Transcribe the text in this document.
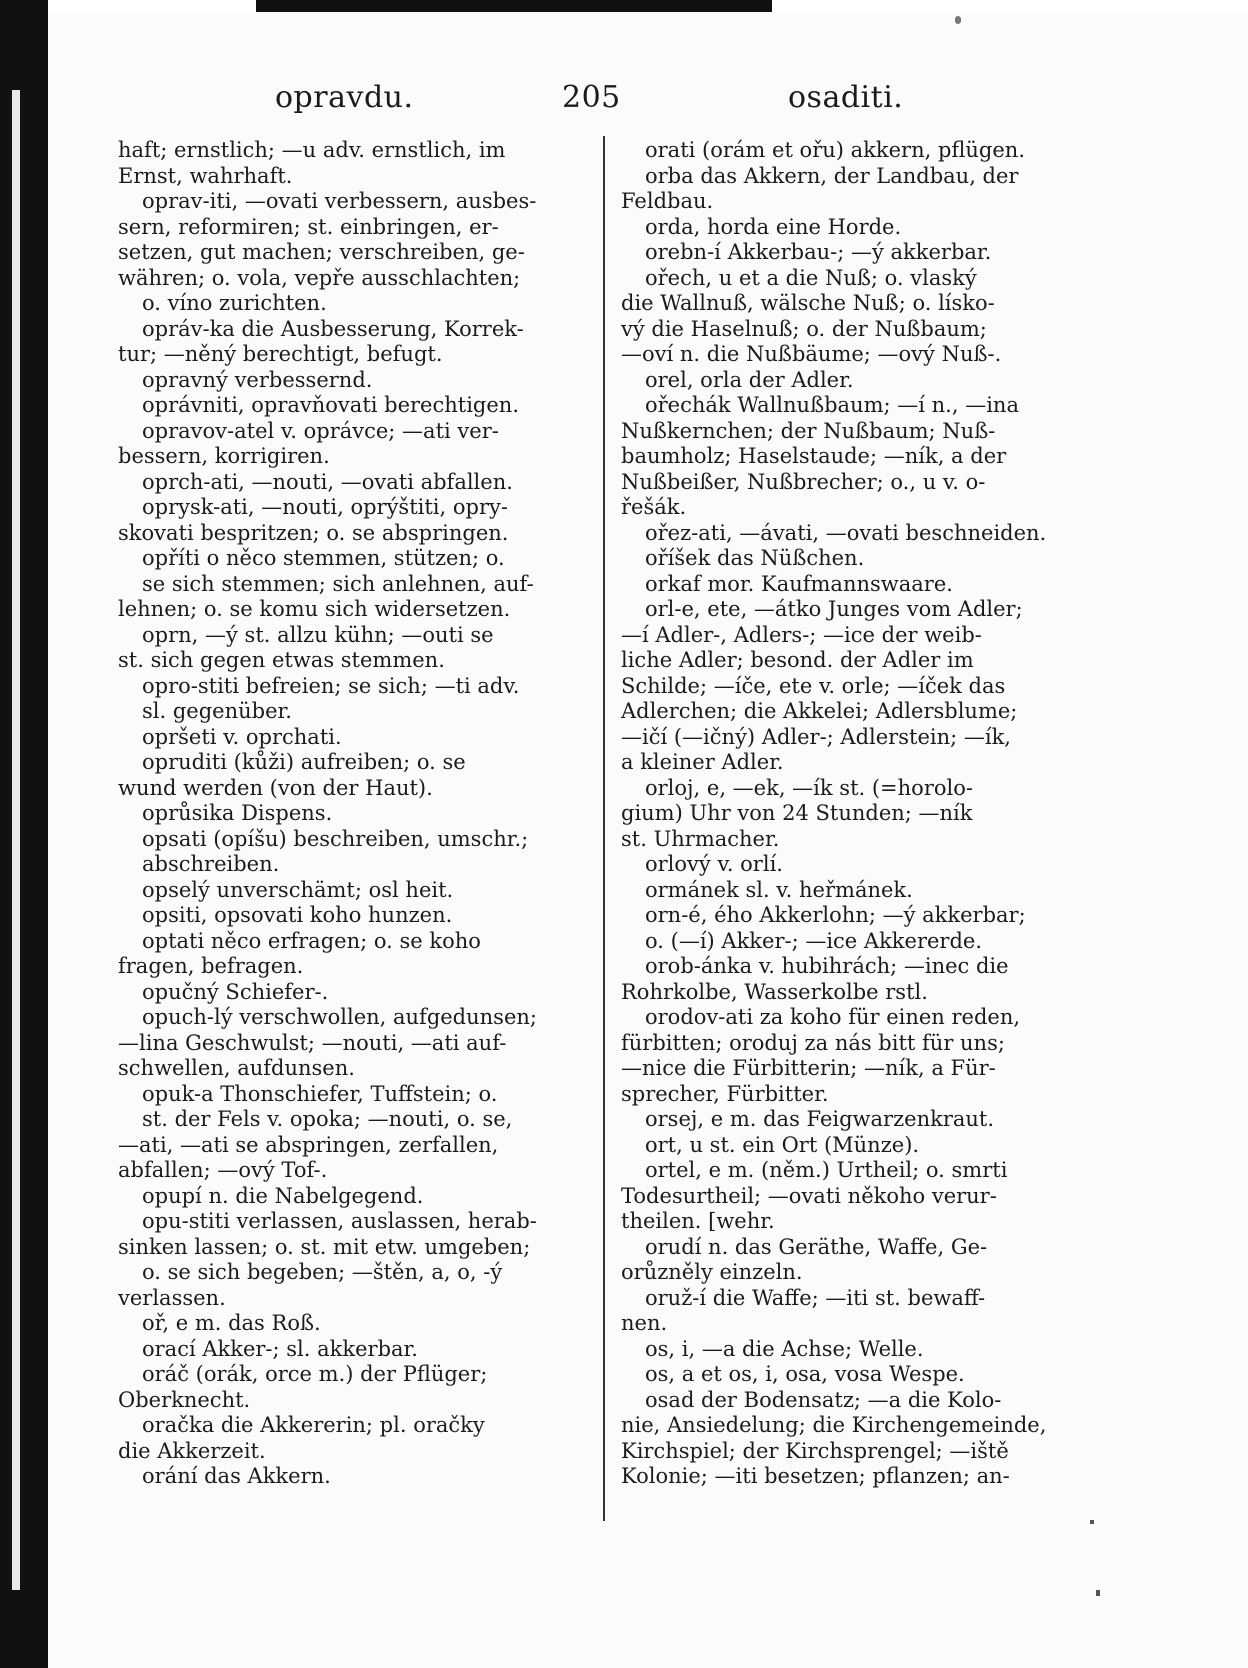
opravdu.	205	osaditi.
haft; ernstlich; —u adv. ernstlich, im
Ernst, wahrhaft.
oprav-iti, —ovati verbessern, ausbes-
sern, reformiren; st. einbringen, er-
setzen, gut machen; verschreiben, ge-
währen; o. vola, vepře ausschlachten;
o. víno zurichten.
opráv-ka die Ausbesserung, Korrek-
tur; —něný berechtigt, befugt.
opravný verbessernd.
oprávniti, opravňovati berechtigen.
opravov-atel v. oprávce; —ati ver-
bessern, korrigiren.
oprch-ati, —nouti, —ovati abfallen.
oprysk-ati, —nouti, oprýštiti, opry-
skovati bespritzen; o. se abspringen.
opříti o něco stemmen, stützen; o.
se sich stemmen; sich anlehnen, auf-
lehnen; o. se komu sich widersetzen.
oprn, —ý st. allzu kühn; —outi se
st. sich gegen etwas stemmen.
opro-stiti befreien; se sich; —ti adv.
sl. gegenüber.
opršeti v. oprchati.
opruditi (kůži) aufreiben; o. se
wund werden (von der Haut).
oprůsika Dispens.
opsati (opíšu) beschreiben, umschr.;
abschreiben.
opselý unverschämt; osl heit.
opsiti, opsovati koho hunzen.
optati něco erfragen; o. se koho
fragen, befragen.
opučný Schiefer-.
opuch-lý verschwollen, aufgedunsen;
—lina Geschwulst; —nouti, —ati auf-
schwellen, aufdunsen.
opuk-a Thonschiefer, Tuffstein; o.
st. der Fels v. opoka; —nouti, o. se,
—ati, —ati se abspringen, zerfallen,
abfallen; —ový Tof-.
opupí n. die Nabelgegend.
opu-stiti verlassen, auslassen, herab-
sinken lassen; o. st. mit etw. umgeben;
o. se sich begeben; —štěn, a, o, -ý
verlassen.
oř, e m. das Roß.
orací Akker-; sl. akkerbar.
oráč (orák, orce m.) der Pflüger;
Oberknecht.
oračka die Akkererin; pl. oračky
die Akkerzeit.
orání das Akkern.
orati (orám et ořu) akkern, pflügen.
orba das Akkern, der Landbau, der
Feldbau.
orda, horda eine Horde.
orebn-í Akkerbau-; —ý akkerbar.
ořech, u et a die Nuß; o. vlaský
die Wallnuß, wälsche Nuß; o. lísko-
vý die Haselnuß; o. der Nußbaum;
—oví n. die Nußbäume; —ový Nuß-.
orel, orla der Adler.
ořechák Wallnußbaum; —í n., —ina
Nußkernchen; der Nußbaum; Nuß-
baumholz; Haselstaude; —ník, a der
Nußbeißer, Nußbrecher; o., u v. o-
řešák.
ořez-ati, —ávati, —ovati beschneiden.
oříšek das Nüßchen.
orkaf mor. Kaufmannswaare.
orl-e, ete, —átko Junges vom Adler;
—í Adler-, Adlers-; —ice der weib-
liche Adler; besond. der Adler im
Schilde; —íče, ete v. orle; —íček das
Adlerchen; die Akkelei; Adlersblume;
—ičí (—ičný) Adler-; Adlerstein; —ík,
a kleiner Adler.
orloj, e, —ek, —ík st. (=horolo-
gium) Uhr von 24 Stunden; —ník
st. Uhrmacher.
orlový v. orlí.
ormánek sl. v. heřmánek.
orn-é, ého Akkerlohn; —ý akkerbar;
o. (—í) Akker-; —ice Akkererde.
orob-ánka v. hubihrách; —inec die
Rohrkolbe, Wasserkolbe rstl.
orodov-ati za koho für einen reden,
fürbitten; oroduj za nás bitt für uns;
—nice die Fürbitterin; —ník, a Für-
sprecher, Fürbitter.
orsej, e m. das Feigwarzenkraut.
ort, u st. ein Ort (Münze).
ortel, e m. (něm.) Urtheil; o. smrti
Todesurtheil; —ovati někoho verur-
theilen. [wehr.
orudí n. das Geräthe, Waffe, Ge-
orůzněly einzeln.
oruž-í die Waffe; —iti st. bewaff-
nen.
os, i, —a die Achse; Welle.
os, a et os, i, osa, vosa Wespe.
osad der Bodensatz; —a die Kolo-
nie, Ansiedelung; die Kirchengemeinde,
Kirchspiel; der Kirchsprengel; —iště
Kolonie; —iti besetzen; pflanzen; an-
